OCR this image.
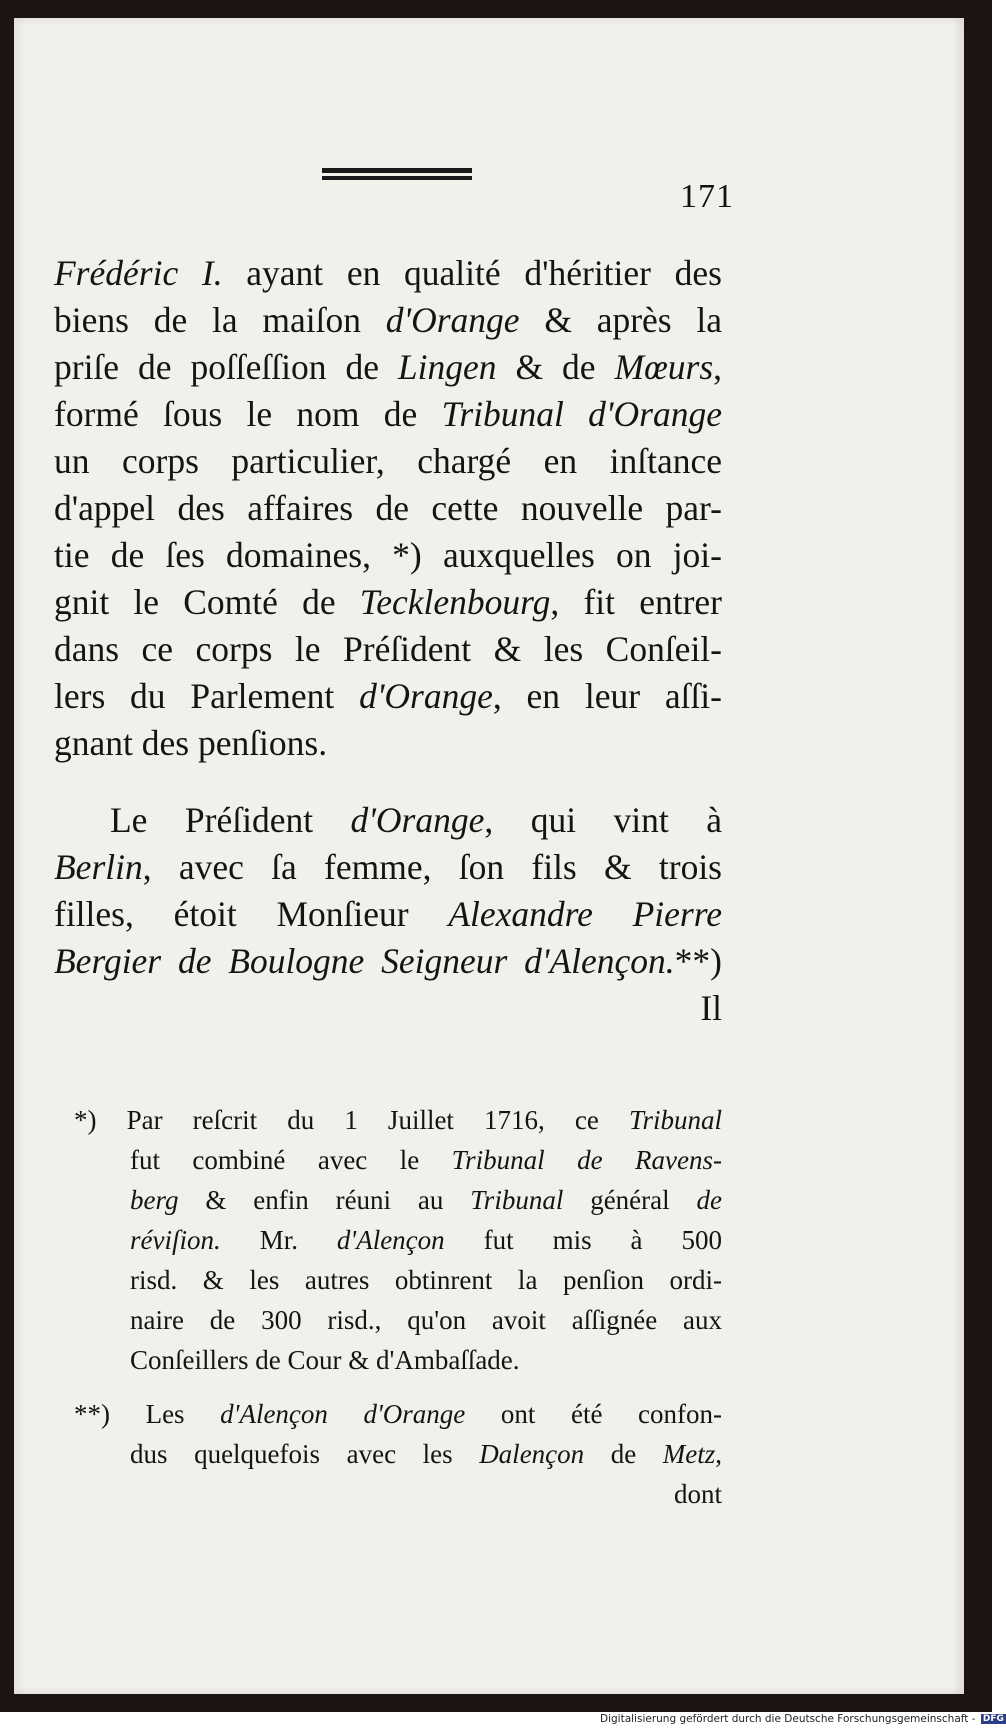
171
Frédéric I. ayant en qualité d'héritier des
biens de la maiſon d'Orange & après la
priſe de poſſeſſion de Lingen & de Mœurs,
formé ſous le nom de Tribunal d'Orange
un corps particulier, chargé en inſtance
d'appel des affaires de cette nouvelle par-
tie de ſes domaines, *) auxquelles on joi-
gnit le Comté de Tecklenbourg, fit entrer
dans ce corps le Préſident & les Conſeil-
lers du Parlement d'Orange, en leur aſſi-
gnant des penſions.
Le Préſident d'Orange, qui vint à
Berlin, avec ſa femme, ſon fils & trois
filles, étoit Monſieur Alexandre Pierre
Bergier de Boulogne Seigneur d'Alençon.**)
Il
*) Par reſcrit du 1 Juillet 1716, ce Tribunal
fut combiné avec le Tribunal de Ravens-
berg & enfin réuni au Tribunal général de
réviſion. Mr. d'Alençon fut mis à 500
risd. & les autres obtinrent la penſion ordi-
naire de 300 risd., qu'on avoit aſſignée aux
Conſeillers de Cour & d'Ambaſſade.
**) Les d'Alençon d'Orange ont été confon-
dus quelquefois avec les Dalençon de Metz,
dont
Digitalisierung gefördert durch die Deutsche Forschungsgemeinschaft - DFG
